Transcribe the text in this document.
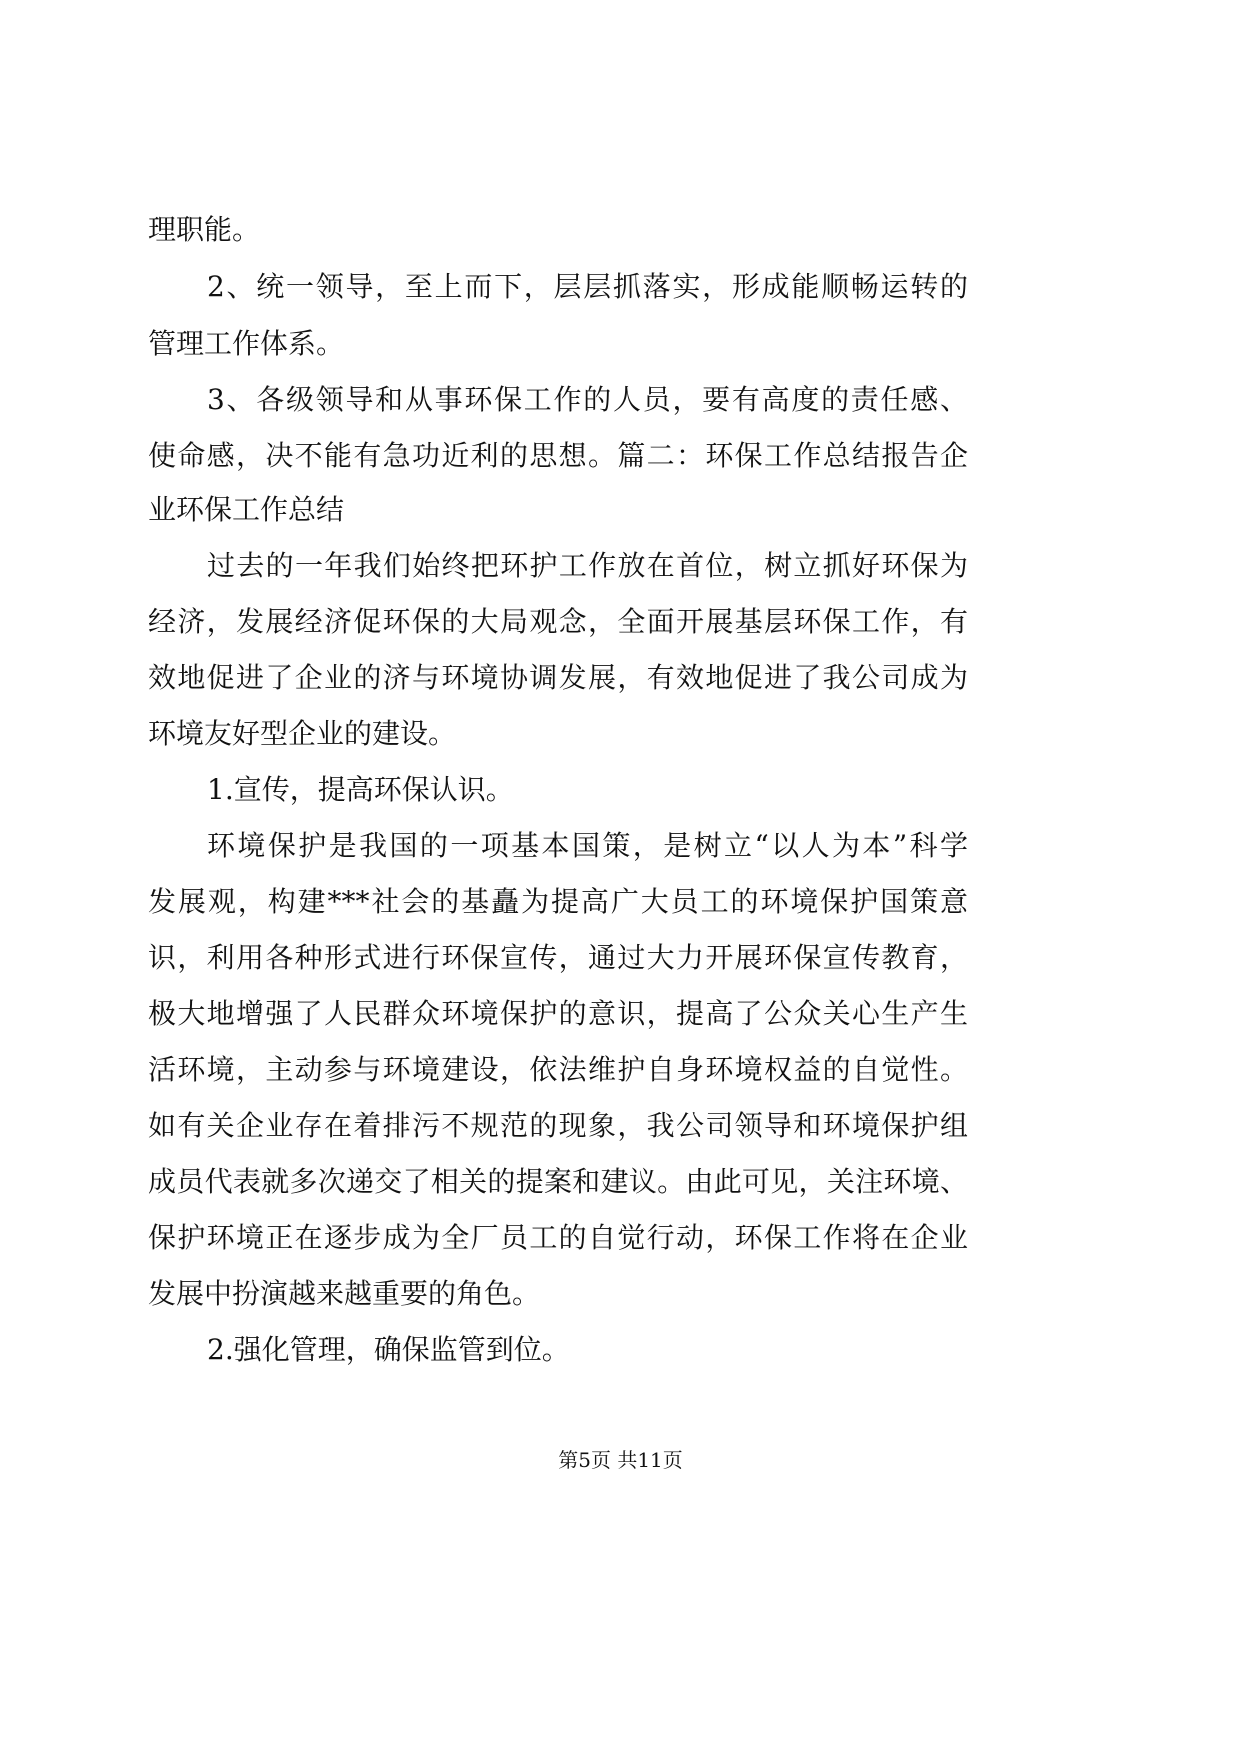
理职能。
2、统一领导，至上而下，层层抓落实，形成能顺畅运转的
管理工作体系。
3、各级领导和从事环保工作的人员，要有高度的责任感、
使命感，决不能有急功近利的思想。篇二：环保工作总结报告企
业环保工作总结
过去的一年我们始终把环护工作放在首位，树立抓好环保为
经济，发展经济促环保的大局观念，全面开展基层环保工作，有
效地促进了企业的济与环境协调发展，有效地促进了我公司成为
环境友好型企业的建设。
1.宣传，提高环保认识。
环境保护是我国的一项基本国策，是树立“以人为本”科学
发展观，构建***社会的基矗为提高广大员工的环境保护国策意
识，利用各种形式进行环保宣传，通过大力开展环保宣传教育，
极大地增强了人民群众环境保护的意识，提高了公众关心生产生
活环境，主动参与环境建设，依法维护自身环境权益的自觉性。
如有关企业存在着排污不规范的现象，我公司领导和环境保护组
成员代表就多次递交了相关的提案和建议。由此可见，关注环境、
保护环境正在逐步成为全厂员工的自觉行动，环保工作将在企业
发展中扮演越来越重要的角色。
2.强化管理，确保监管到位。
第5页 共11页
